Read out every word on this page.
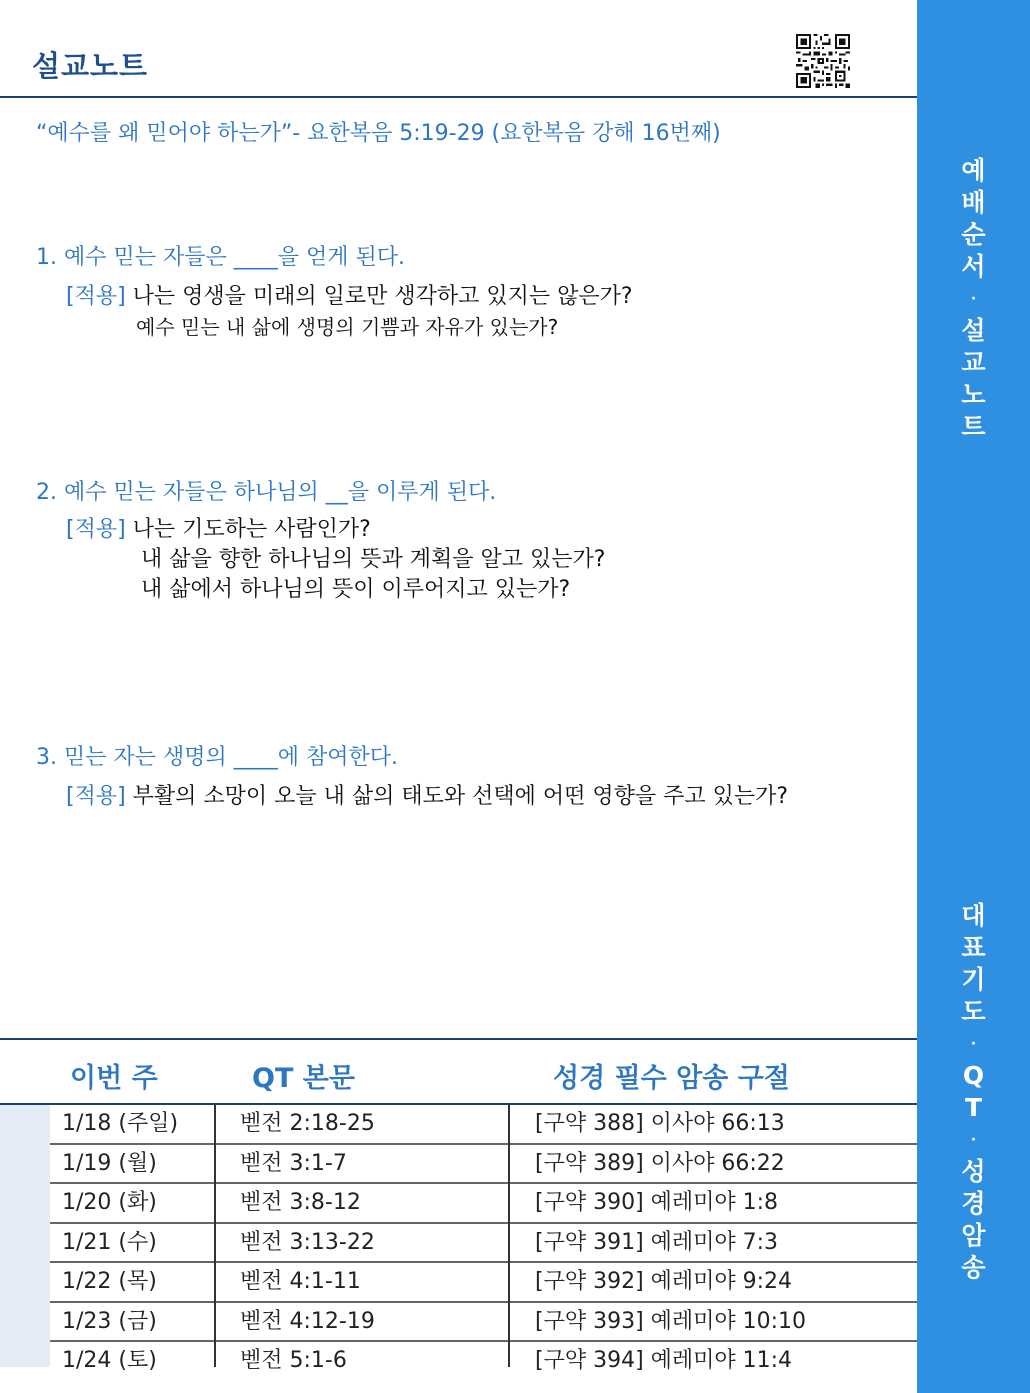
설교노트
“예수를 왜 믿어야 하는가”- 요한복음 5:19-29 (요한복음 강해 16번째)
1. 예수 믿는 자들은 ____을 얻게 된다.
[적용] 나는 영생을 미래의 일로만 생각하고 있지는 않은가?
예수 믿는 내 삶에 생명의 기쁨과 자유가 있는가?
2. 예수 믿는 자들은 하나님의 __을 이루게 된다.
[적용] 나는 기도하는 사람인가?
내 삶을 향한 하나님의 뜻과 계획을 알고 있는가?
내 삶에서 하나님의 뜻이 이루어지고 있는가?
3. 믿는 자는 생명의 ____에 참여한다.
[적용] 부활의 소망이 오늘 내 삶의 태도와 선택에 어떤 영향을 주고 있는가?
이번 주	QT 본문	성경 필수 암송 구절
1/18 (주일)	벧전 2:18-25	[구약 388] 이사야 66:13
1/19 (월)	벧전 3:1-7	[구약 389] 이사야 66:22
1/20 (화)	벧전 3:8-12	[구약 390] 예레미야 1:8
1/21 (수)	벧전 3:13-22	[구약 391] 예레미야 7:3
1/22 (목)	벧전 4:1-11	[구약 392] 예레미야 9:24
1/23 (금)	벧전 4:12-19	[구약 393] 예레미야 10:10
1/24 (토)	벧전 5:1-6	[구약 394] 예레미야 11:4
예
배
순
서
·
설
교
노
트
대
표
기
도
·
Q
T
·
성
경
암
송
